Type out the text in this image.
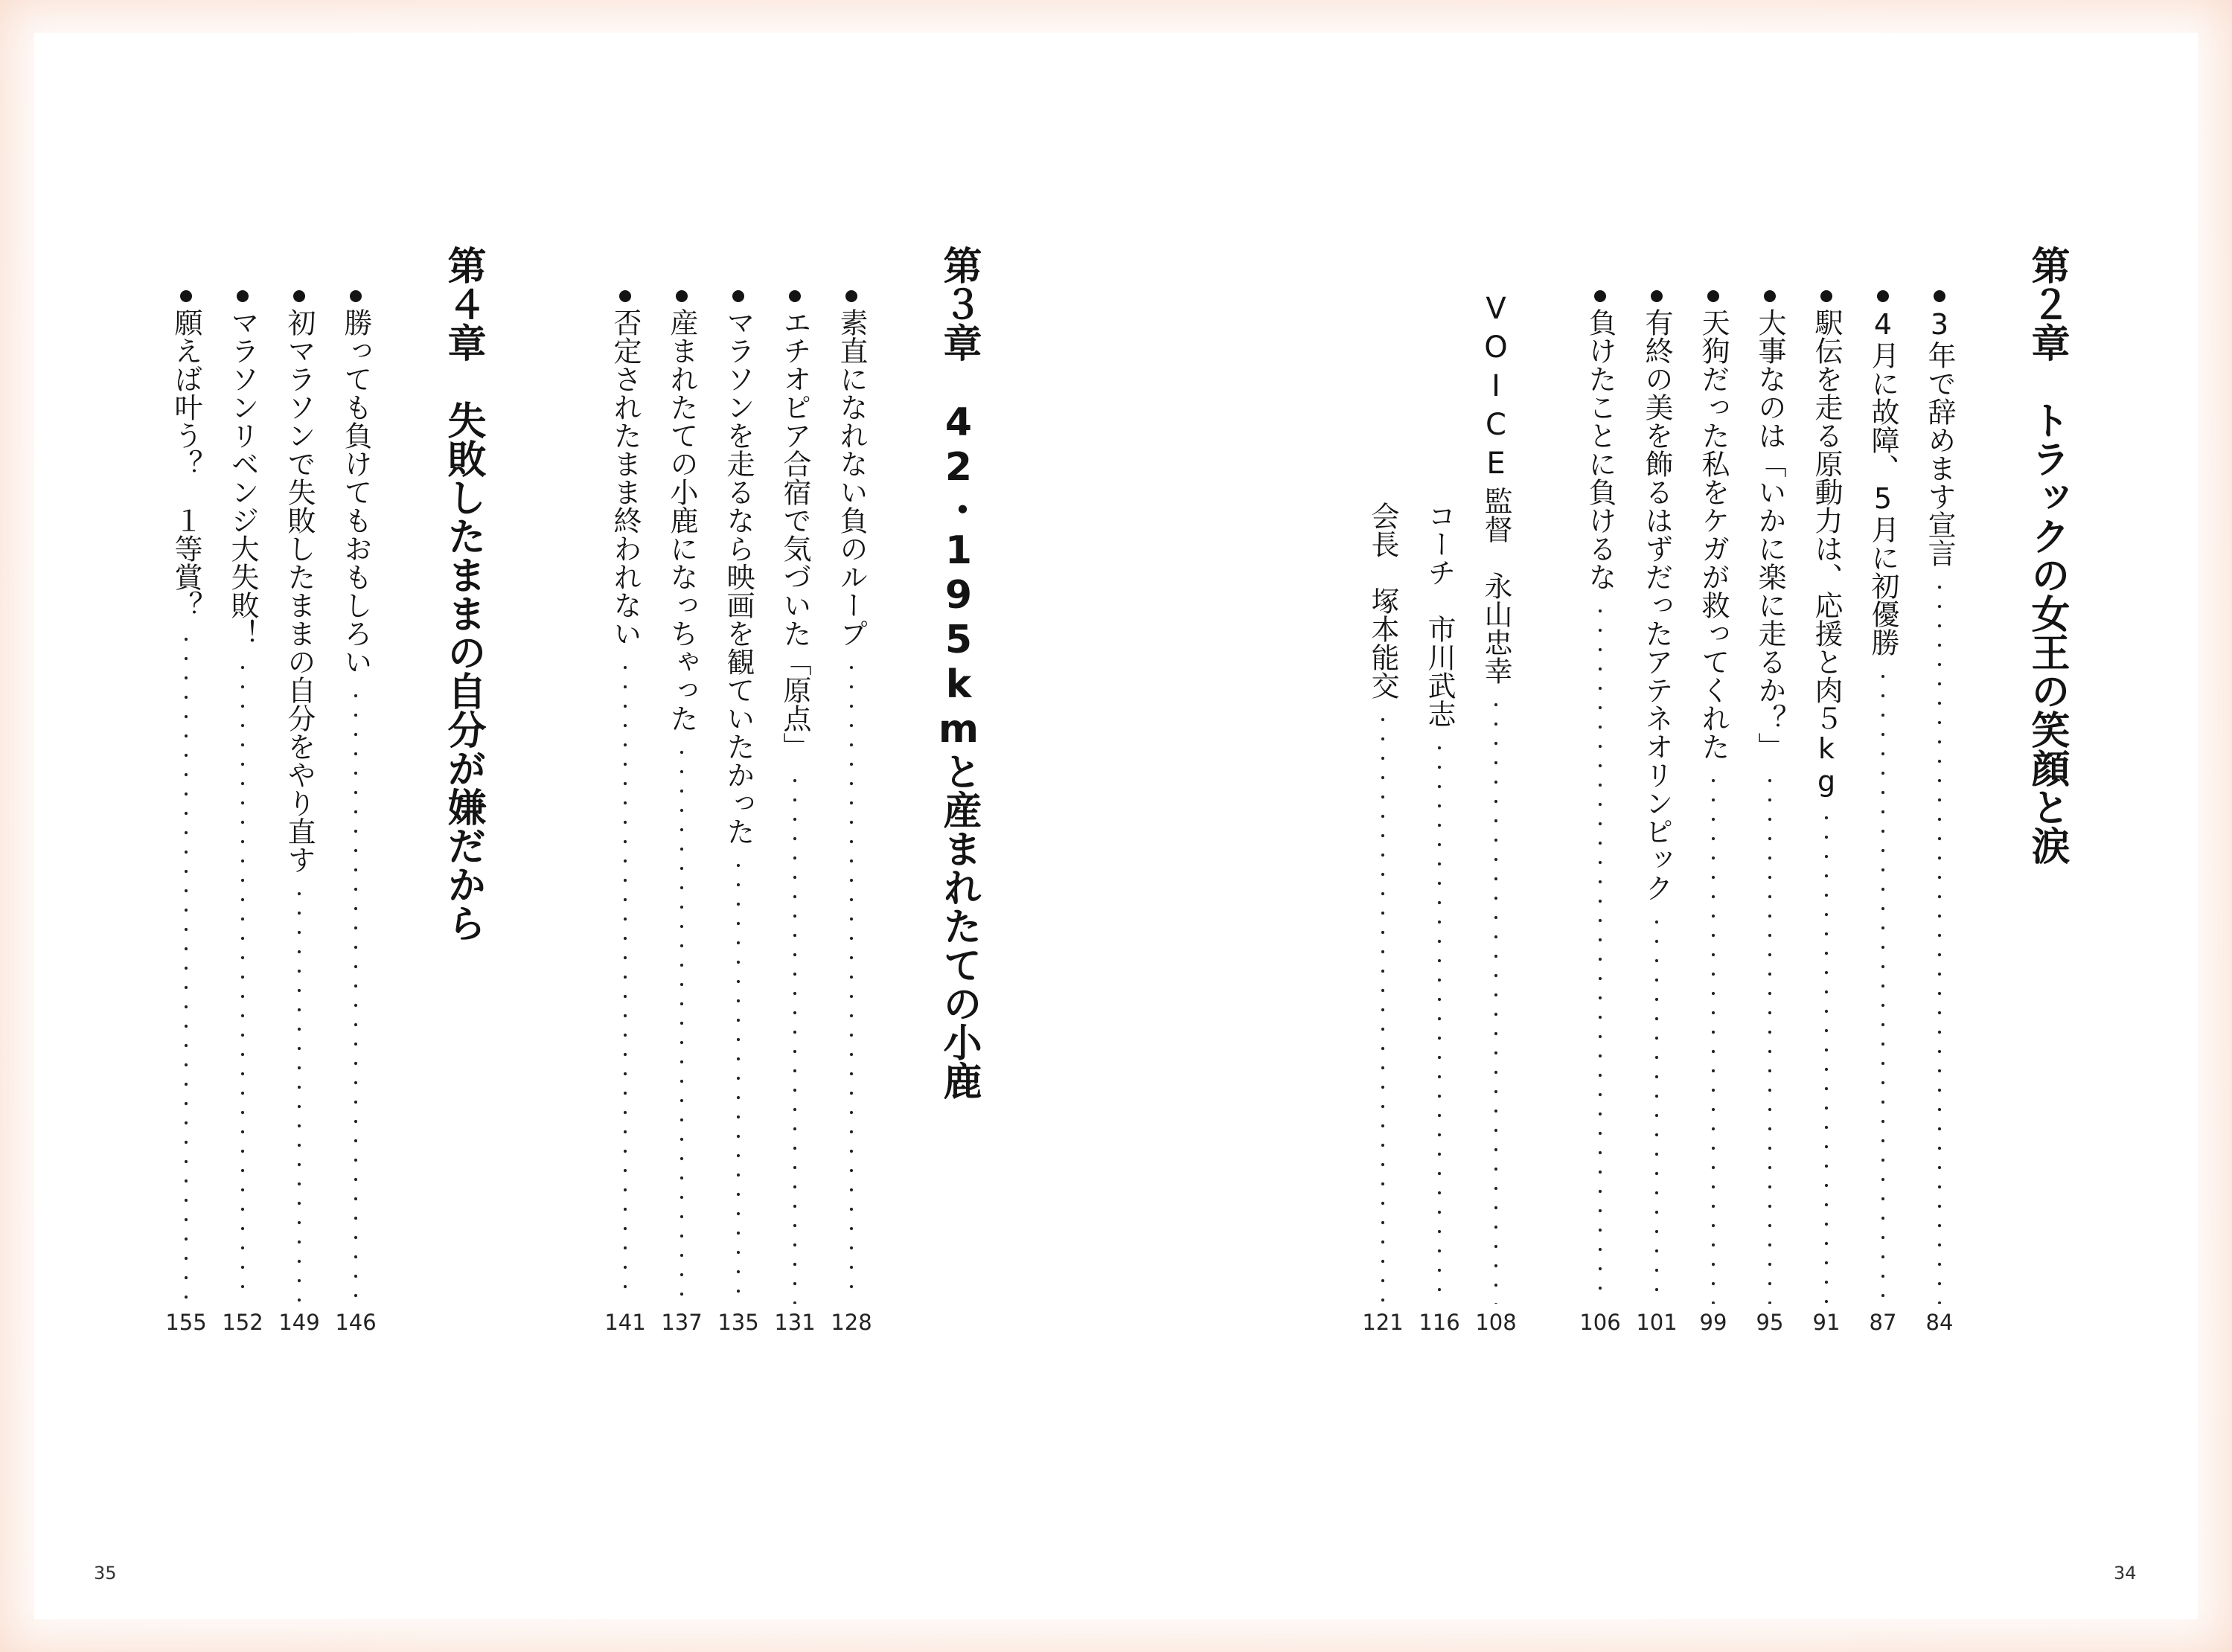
第２章　トラックの女王の笑顔と涙
3年で辞めます宣言
84
4月に故障、5月に初優勝
87
駅伝を走る原動力は、応援と肉５kg
91
大事なのは「いかに楽に走るか？」
95
天狗だった私をケガが救ってくれた
99
有終の美を飾るはずだったアテネオリンピック
101
負けたことに負けるな
106
VOICE
監督　永山忠幸
108
コーチ　市川武志
116
会長　塚本能交
121
第３章　42・195kmと産まれたての小鹿
素直になれない負のループ
128
エチオピア合宿で気づいた「原点」
131
マラソンを走るなら映画を観ていたかった
135
産まれたての小鹿になっちゃった
137
否定されたまま終われない
141
第４章　失敗したままの自分が嫌だから
勝っても負けてもおもしろい
146
初マラソンで失敗したままの自分をやり直す
149
マラソンリベンジ大失敗！
152
願えば叶う？　１等賞？
155
35	34
